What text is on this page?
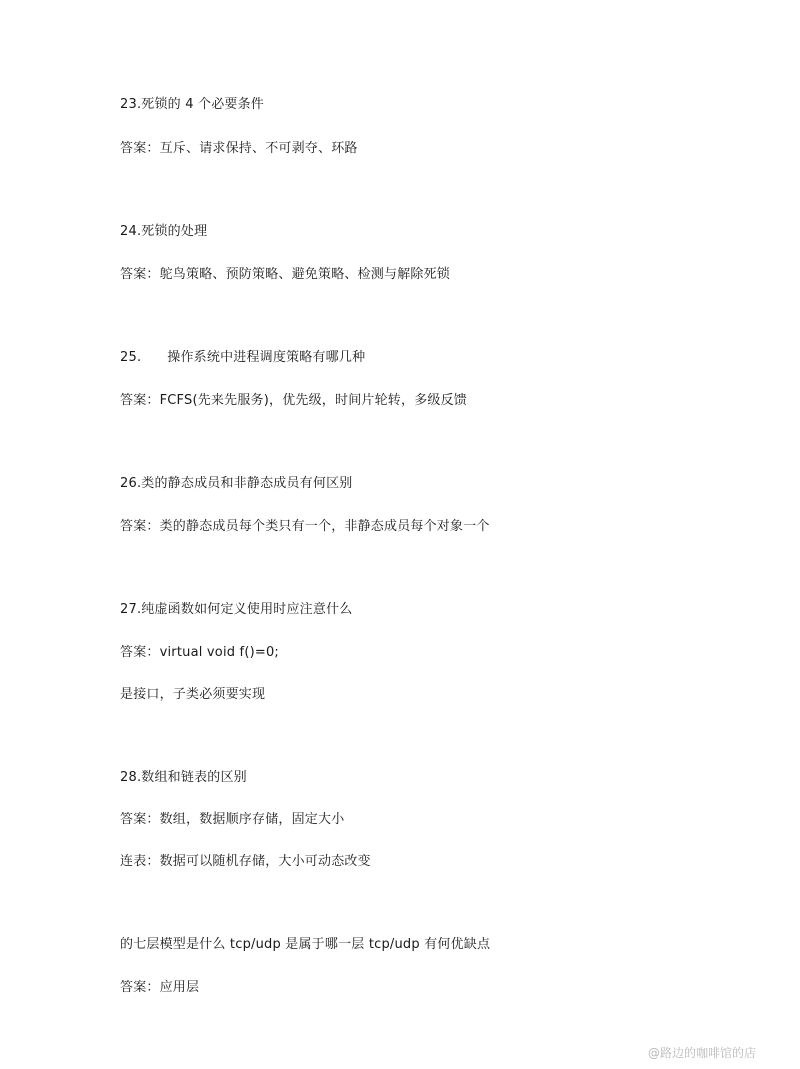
23.死锁的 4 个必要条件
答案：互斥、请求保持、不可剥夺、环路
24.死锁的处理
答案：鸵鸟策略、预防策略、避免策略、检测与解除死锁
25.      操作系统中进程调度策略有哪几种
答案：FCFS(先来先服务)，优先级，时间片轮转，多级反馈
26.类的静态成员和非静态成员有何区别
答案：类的静态成员每个类只有一个，非静态成员每个对象一个
27.纯虚函数如何定义使用时应注意什么
答案：virtual void f()=0;
是接口，子类必须要实现
28.数组和链表的区别
答案：数组，数据顺序存储，固定大小
连表：数据可以随机存储，大小可动态改变
的七层模型是什么 tcp/udp 是属于哪一层 tcp/udp 有何优缺点
答案：应用层
@路边的咖啡馆的店
